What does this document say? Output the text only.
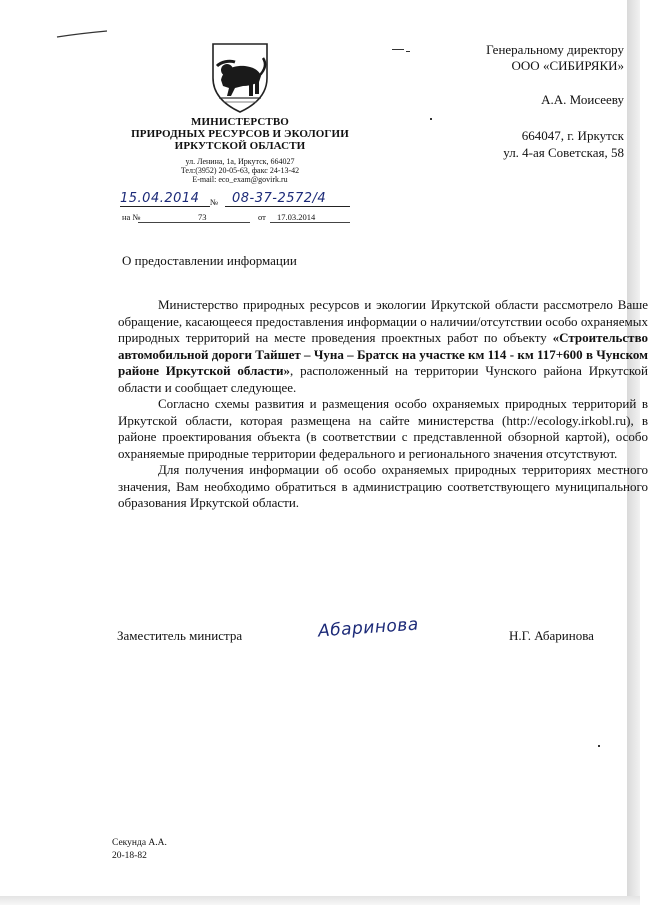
МИНИСТЕРСТВО
ПРИРОДНЫХ РЕСУРСОВ И ЭКОЛОГИИ
ИРКУТСКОЙ ОБЛАСТИ
ул. Ленина, 1а, Иркутск, 664027
Тел:(3952) 20-05-63, факс 24-13-42
E-mail: eco_exam@govirk.ru
Генеральному директору
ООО «СИБИРЯКИ»
А.А. Моисееву
664047, г. Иркутск
ул. 4-ая Советская, 58
15.04.2014 № 08-37-2572/4
на №	73	от 17.03.2014
О предоставлении информации

Министерство природных ресурсов и экологии Иркутской области рассмотрело Ваше обращение, касающееся предоставления информации о наличии/отсутствии особо охраняемых природных территорий на месте проведения проектных работ по объекту «Строительство автомобильной дороги Тайшет – Чуна – Братск на участке км 114 - км 117+600 в Чунском районе Иркутской области», расположенный на территории Чунского района Иркутской области и сообщает следующее.

Согласно схемы развития и размещения особо охраняемых природных территорий в Иркутской области, которая размещена на сайте министерства (http://ecology.irkobl.ru), в районе проектирования объекта (в соответствии с представленной обзорной картой), особо охраняемые природные территории федерального и регионального значения отсутствуют.

Для получения информации об особо охраняемых природных территориях местного значения, Вам необходимо обратиться в администрацию соответствующего муниципального образования Иркутской области.

Заместитель министра	Абаринова	Н.Г. Абаринова
Секунда А.А.
20-18-82
